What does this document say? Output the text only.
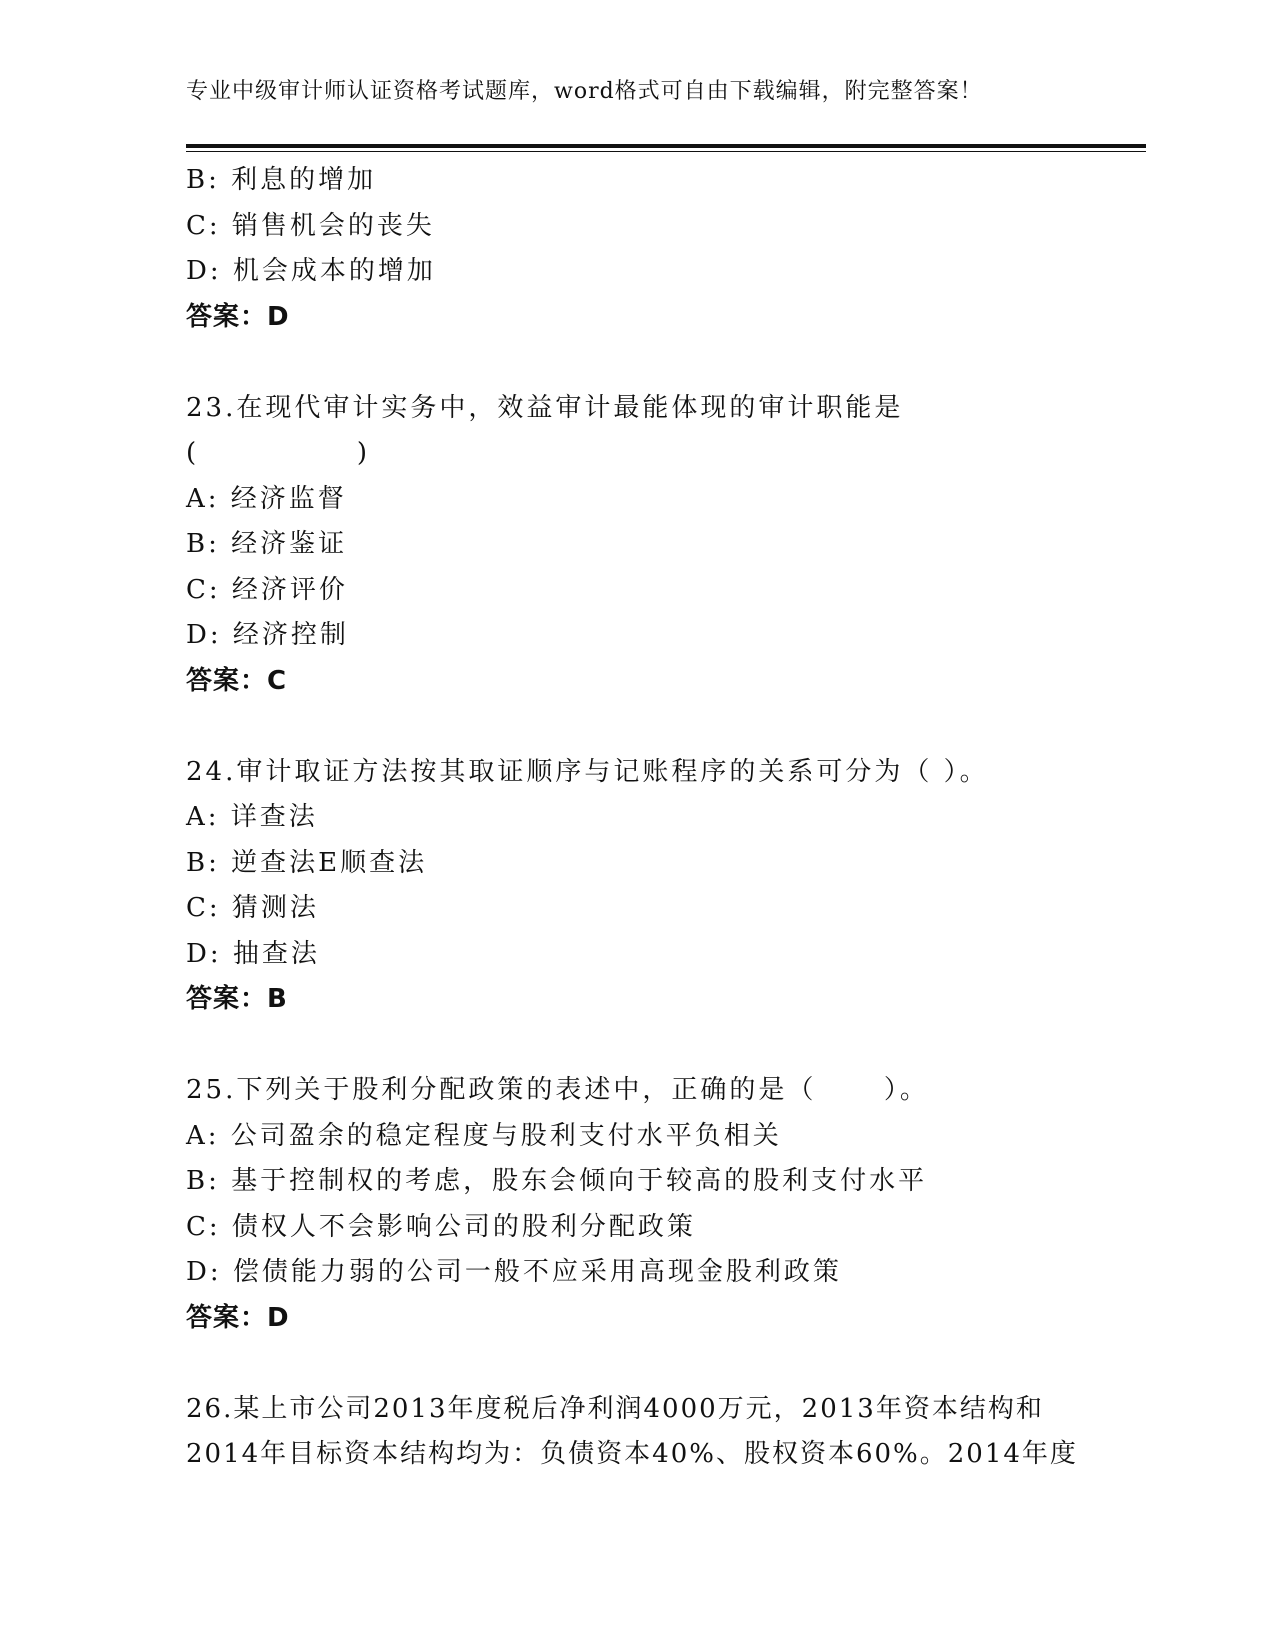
专业中级审计师认证资格考试题库，word格式可自由下载编辑，附完整答案！
B: 利息的增加
C: 销售机会的丧失
D: 机会成本的增加
答案：D
23.在现代审计实务中，效益审计最能体现的审计职能是
(              )
A: 经济监督
B: 经济鉴证
C: 经济评价
D: 经济控制
答案：C
24.审计取证方法按其取证顺序与记账程序的关系可分为（ ）。
A: 详查法
B: 逆查法E顺查法
C: 猜测法
D: 抽查法
答案：B
25.下列关于股利分配政策的表述中，正确的是（      ）。
A: 公司盈余的稳定程度与股利支付水平负相关
B: 基于控制权的考虑，股东会倾向于较高的股利支付水平
C: 债权人不会影响公司的股利分配政策
D: 偿债能力弱的公司一般不应采用高现金股利政策
答案：D
26.某上市公司2013年度税后净利润4000万元，2013年资本结构和
2014年目标资本结构均为：负债资本40%、股权资本60%。2014年度
